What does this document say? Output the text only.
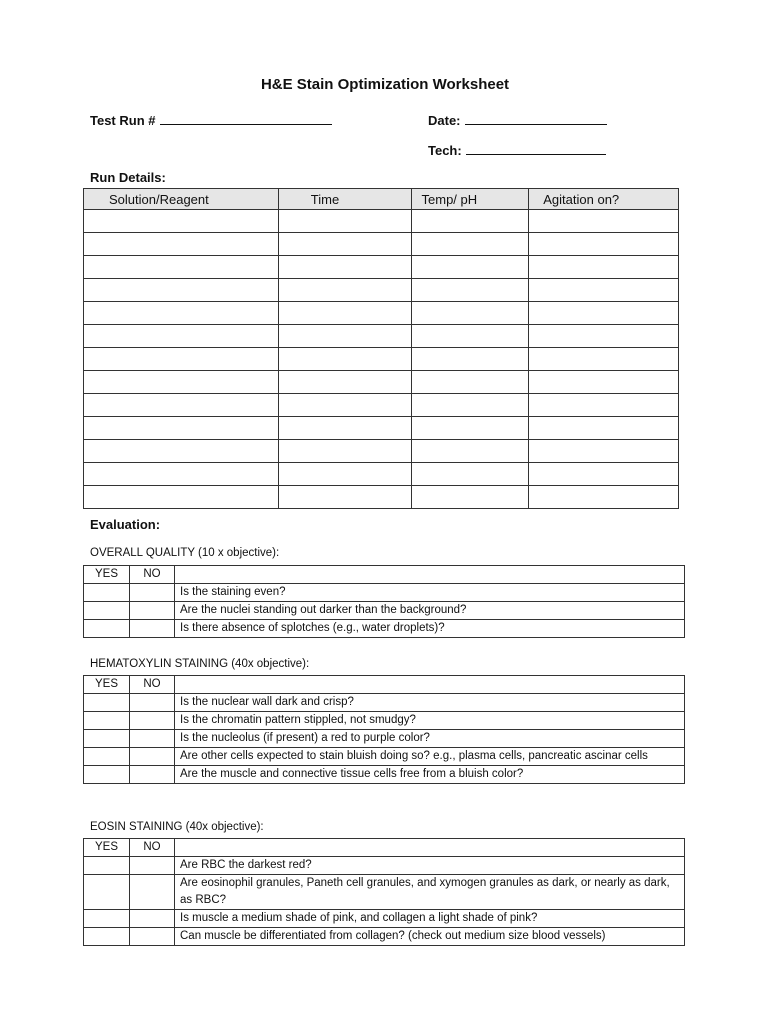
H&E Stain Optimization Worksheet
Test Run #	Date:
Tech:
Run Details:
Solution/Reagent	Time	Temp/ pH	Agitation on?

Evaluation:
OVERALL QUALITY (10 x objective):
YES	NO	
		Is the staining even?
		Are the nuclei standing out darker than the background?
		Is there absence of splotches (e.g., water droplets)?
HEMATOXYLIN STAINING (40x objective):
YES	NO	
		Is the nuclear wall dark and crisp?
		Is the chromatin pattern stippled, not smudgy?
		Is the nucleolus (if present) a red to purple color?
		Are other cells expected to stain bluish doing so? e.g., plasma cells, pancreatic ascinar cells
		Are the muscle and connective tissue cells free from a bluish color?
EOSIN STAINING (40x objective):
YES	NO	
		Are RBC the darkest red?
		Are eosinophil granules, Paneth cell granules, and xymogen granules as dark, or nearly as dark, as RBC?
		Is muscle a medium shade of pink, and collagen a light shade of pink?
		Can muscle be differentiated from collagen? (check out medium size blood vessels)
